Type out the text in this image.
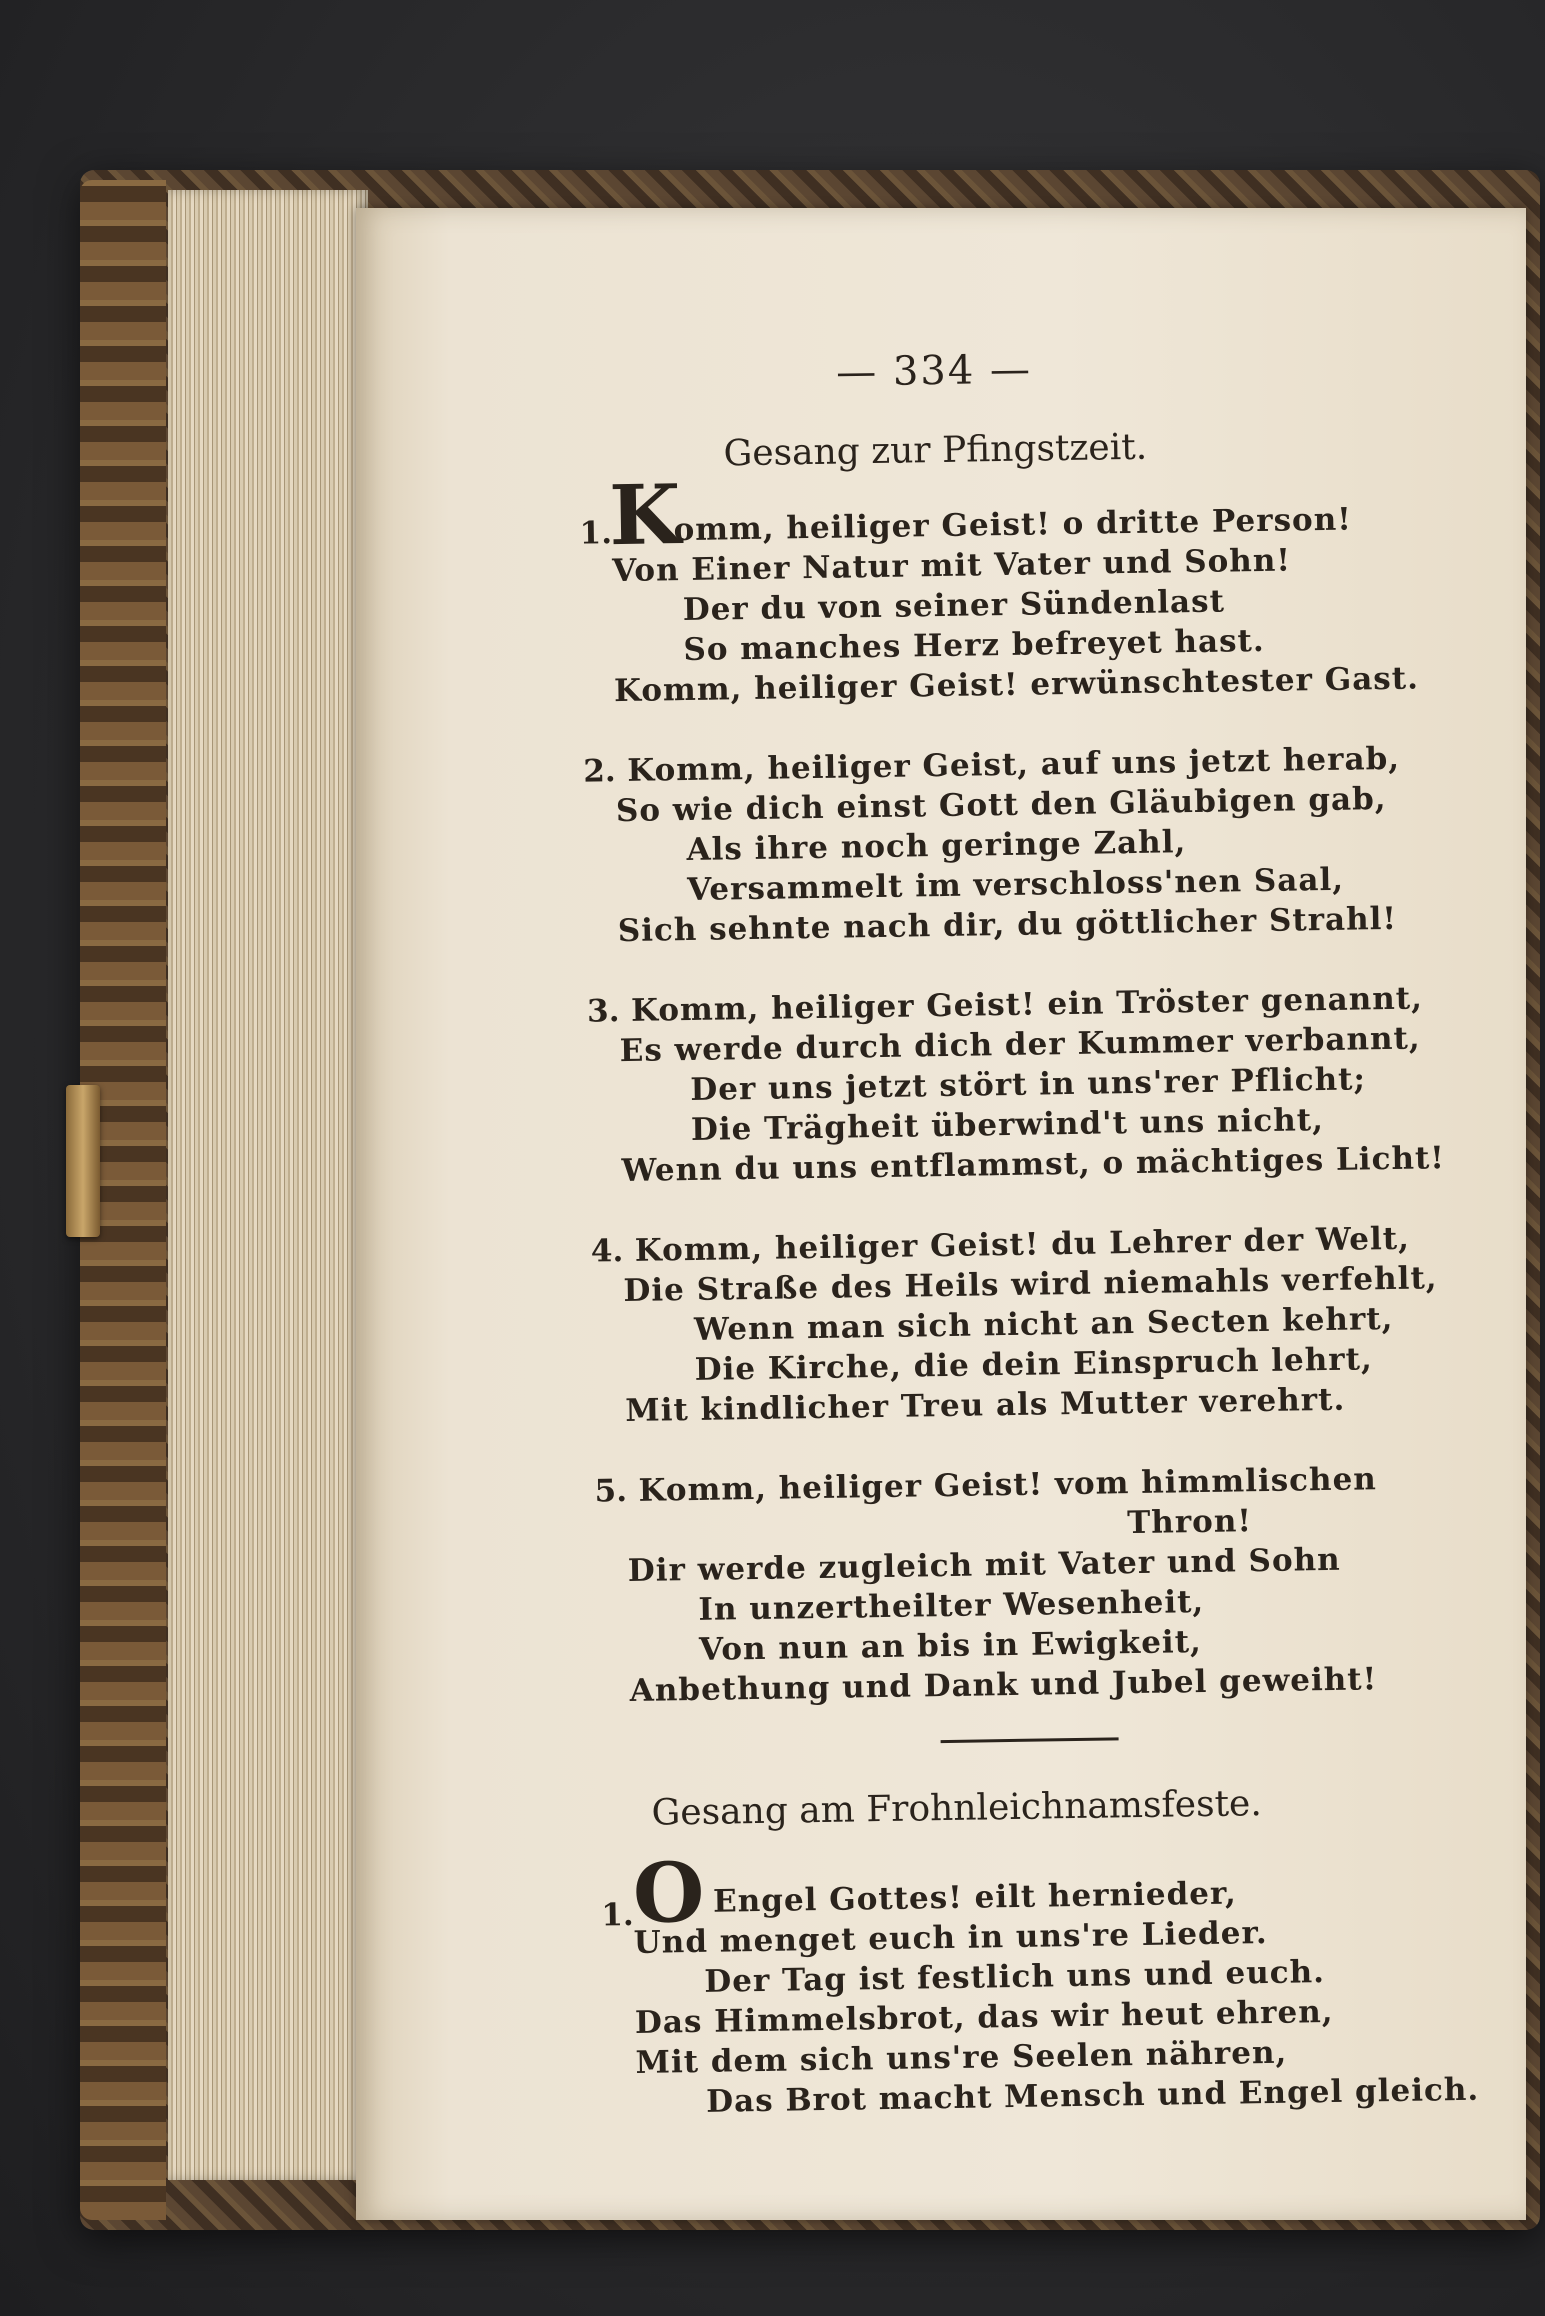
— 334 —
Gesang zur Pfingstzeit.
1.
K
omm, heiliger Geist! o dritte Person!
Von Einer Natur mit Vater und Sohn!
Der du von seiner Sündenlast
So manches Herz befreyet hast.
Komm, heiliger Geist! erwünschtester Gast.
2. Komm, heiliger Geist, auf uns jetzt herab,
So wie dich einst Gott den Gläubigen gab,
Als ihre noch geringe Zahl,
Versammelt im verschloss'nen Saal,
Sich sehnte nach dir, du göttlicher Strahl!
3. Komm, heiliger Geist! ein Tröster genannt,
Es werde durch dich der Kummer verbannt,
Der uns jetzt stört in uns'rer Pflicht;
Die Trägheit überwind't uns nicht,
Wenn du uns entflammst, o mächtiges Licht!
4. Komm, heiliger Geist! du Lehrer der Welt,
Die Straße des Heils wird niemahls verfehlt,
Wenn man sich nicht an Secten kehrt,
Die Kirche, die dein Einspruch lehrt,
Mit kindlicher Treu als Mutter verehrt.
5. Komm, heiliger Geist! vom himmlischen
Thron!
Dir werde zugleich mit Vater und Sohn
In unzertheilter Wesenheit,
Von nun an bis in Ewigkeit,
Anbethung und Dank und Jubel geweiht!
Gesang am Frohnleichnamsfeste.
1.
O Engel Gottes! eilt hernieder,
Und menget euch in uns're Lieder.
Der Tag ist festlich uns und euch.
Das Himmelsbrot, das wir heut ehren,
Mit dem sich uns're Seelen nähren,
Das Brot macht Mensch und Engel gleich.
